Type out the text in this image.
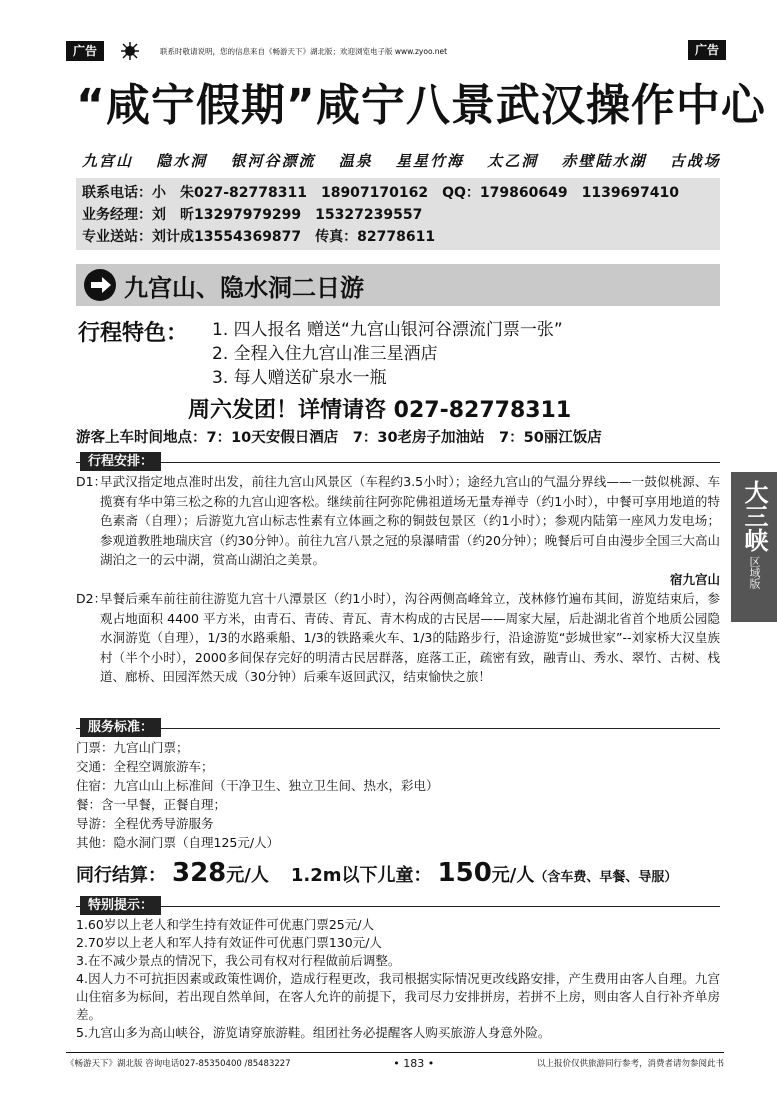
广告	联系时敬请说明，您的信息来自《畅游天下》湖北版；欢迎浏览电子版 www.zyoo.net	广告
“咸宁假期”咸宁八景武汉操作中心
九宫山 隐水洞 银河谷漂流 温泉 星星竹海 太乙洞 赤壁陆水湖 古战场
联系电话：小　朱027-82778311　18907170162　QQ：179860649　1139697410
业务经理：刘　昕13297979299　15327239557
专业送站：刘计成13554369877　传真：82778611
九宫山、隐水洞二日游
行程特色： 1. 四人报名 赠送“九宫山银河谷漂流门票一张”
2. 全程入住九宫山准三星酒店
3. 每人赠送矿泉水一瓶
周六发团！详情请咨 027-82778311
游客上车时间地点：7：10天安假日酒店　7：30老房子加油站　7：50丽江饭店
行程安排：
D1：
早武汉指定地点准时出发，前往九宫山风景区（车程约3.5小时）；途经九宫山的气温分界线——一鼓似桃源、车揽赛有华中第三松之称的九宫山迎客松。继续前往阿弥陀佛祖道场无量寿禅寺（约1小时），中餐可享用地道的特色素斋（自理）；后游览九宫山标志性素有立体画之称的铜鼓包景区（约1小时）；参观内陆第一座风力发电场；参观道教胜地瑞庆宫（约30分钟）。前往九宫八景之冠的泉瀑晴雷（约20分钟）；晚餐后可自由漫步全国三大高山湖泊之一的云中湖，赏高山湖泊之美景。
宿九宫山
D2：
早餐后乘车前往前往游览九宫十八潭景区（约1小时），沟谷两侧高峰耸立，茂林修竹遍布其间，游览结束后，参观占地面积 4400 平方米，由青石、青砖、青瓦、青木构成的古民居——周家大屋，后赴湖北省首个地质公园隐水洞游览（自理），1/3的水路乘船、1/3的铁路乘火车、1/3的陆路步行，沿途游览“彭城世家”--刘家桥大汉皇族村（半个小时），2000多间保存完好的明清古民居群落，庭落工正，疏密有致，融青山、秀水、翠竹、古树、栈道、廊桥、田园浑然天成（30分钟）后乘车返回武汉，结束愉快之旅！
大三峡
区域版
服务标准：
门票：九宫山门票；
交通：全程空调旅游车；
住宿：九宫山山上标准间（干净卫生、独立卫生间、热水，彩电）
餐：含一早餐，正餐自理；
导游：全程优秀导游服务
其他：隐水洞门票（自理125元/人）
同行结算： 328 元/人 1.2m以下儿童： 150 元/人 （含车费、早餐、导服）
特别提示：
1.60岁以上老人和学生持有效证件可优惠门票25元/人
2.70岁以上老人和军人持有效证件可优惠门票130元/人
3.在不减少景点的情况下，我公司有权对行程做前后调整。
4.因人力不可抗拒因素或政策性调价，造成行程更改，我司根据实际情况更改线路安排，产生费用由客人自理。九宫山住宿多为标间，若出现自然单间，在客人允许的前提下，我司尽力安排拼房，若拼不上房，则由客人自行补齐单房差。
5.九宫山多为高山峡谷，游览请穿旅游鞋。组团社务必提醒客人购买旅游人身意外险。
《畅游天下》湖北版 咨询电话027-85350400 /85483227	• 183 •	以上报价仅供旅游同行参考，消费者请勿参阅此书
